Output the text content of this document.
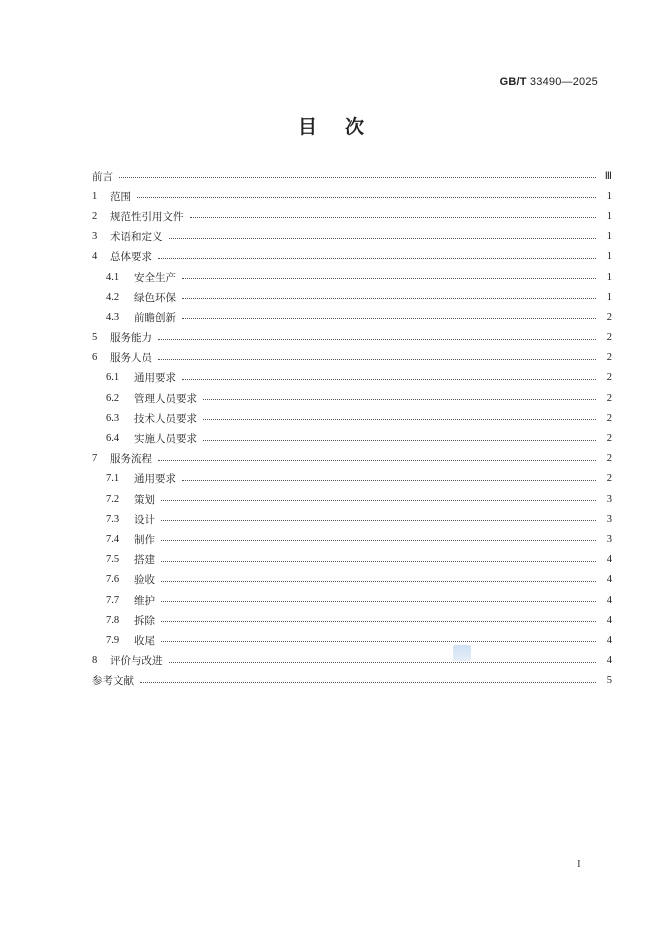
GB/T 33490—2025
目次
前言	Ⅲ
1	范围	1
2	规范性引用文件	1
3	术语和定义	1
4	总体要求	1
4.1	安全生产	1
4.2	绿色环保	1
4.3	前瞻创新	2
5	服务能力	2
6	服务人员	2
6.1	通用要求	2
6.2	管理人员要求	2
6.3	技术人员要求	2
6.4	实施人员要求	2
7	服务流程	2
7.1	通用要求	2
7.2	策划	3
7.3	设计	3
7.4	制作	3
7.5	搭建	4
7.6	验收	4
7.7	维护	4
7.8	拆除	4
7.9	收尾	4
8	评价与改进	4
参考文献	5
I
